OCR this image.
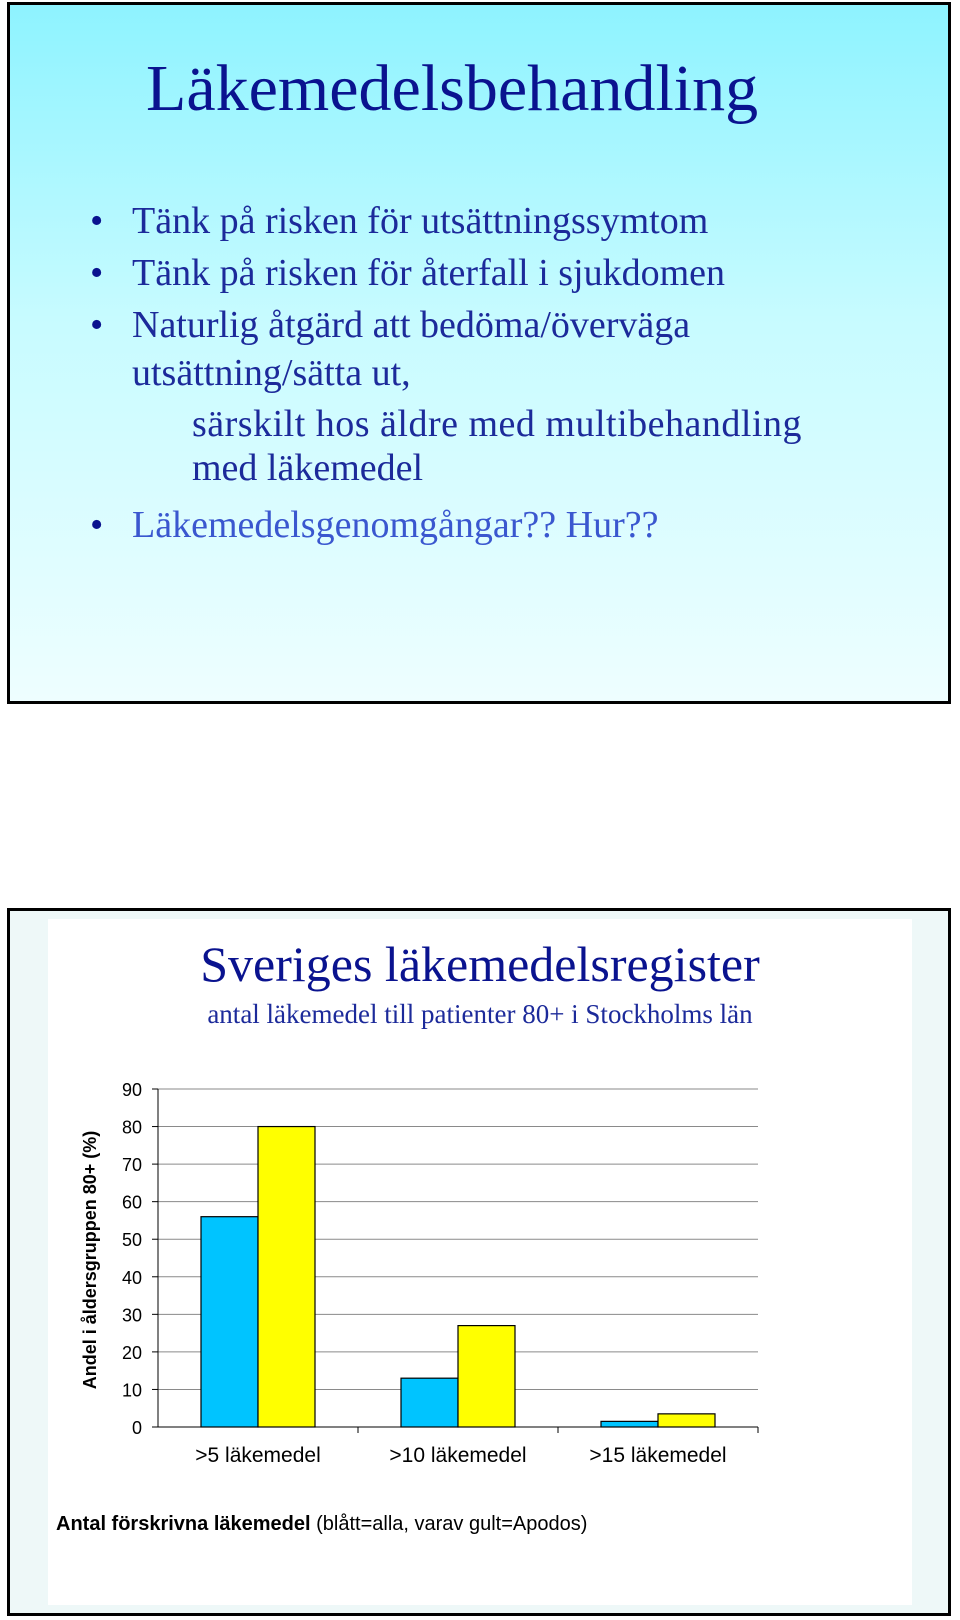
Läkemedelsbehandling
• Tänk på risken för utsättningssymtom
• Tänk på risken för återfall i sjukdomen
• Naturlig åtgärd att bedöma/överväga
utsättning/sätta ut,
särskilt hos äldre med multibehandling
med läkemedel
• Läkemedelsgenomgångar?? Hur??
Sveriges läkemedelsregister
antal läkemedel till patienter 80+ i Stockholms län
0
10
20
30
40
50
60
70
80
90
>5 läkemedel	>10 läkemedel	>15 läkemedel
Andel i åldersgruppen 80+ (%)
Antal förskrivna läkemedel (blått=alla, varav gult=Apodos)
